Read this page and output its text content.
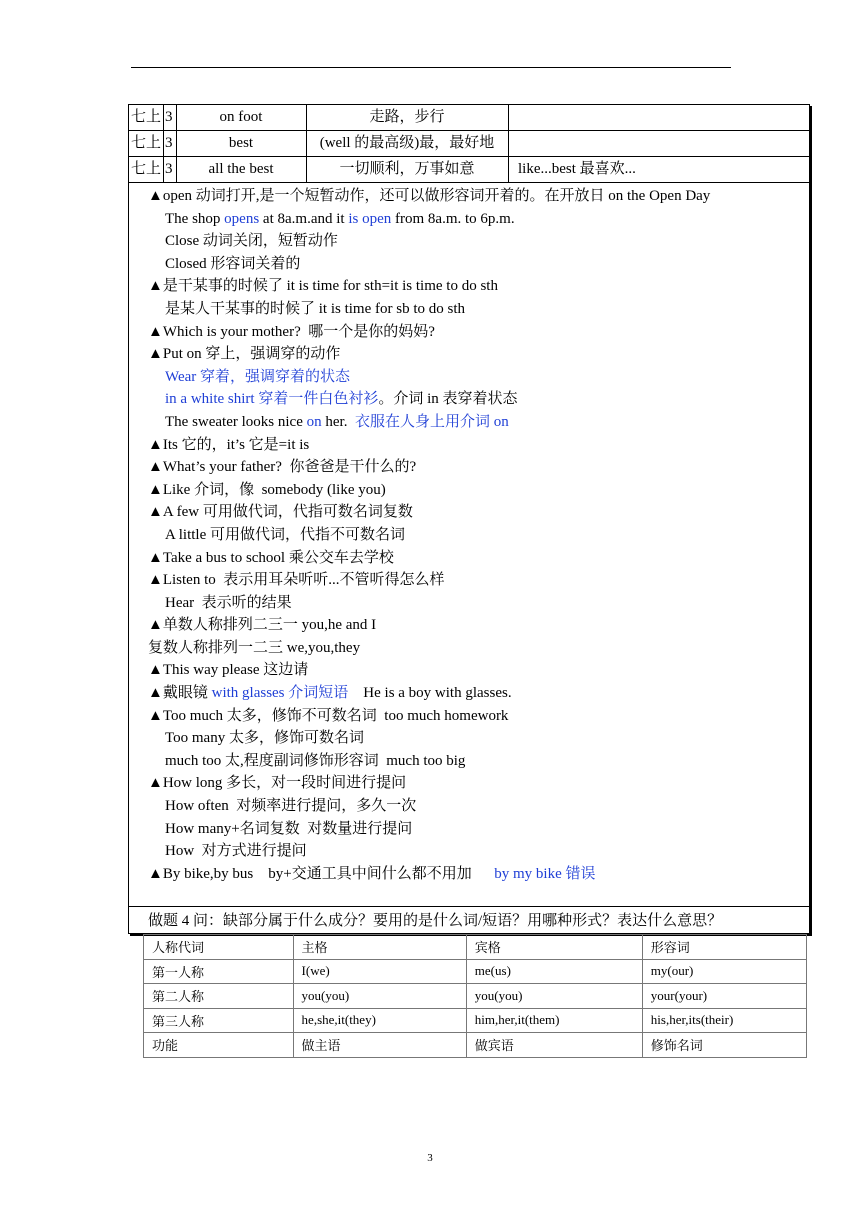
七上 3	on foot	走路，步行
七上 3	best	(well 的最高级)最，最好地
七上 3	all the best	一切顺利，万事如意	like...best 最喜欢...
▲open 动词打开,是一个短暂动作，还可以做形容词开着的。在开放日 on the Open Day
The shop opens at 8a.m.and it is open from 8a.m. to 6p.m.
Close 动词关闭，短暂动作
Closed 形容词关着的
▲是干某事的时候了 it is time for sth=it is time to do sth
是某人干某事的时候了 it is time for sb to do sth
▲Which is your mother?  哪一个是你的妈妈?
▲Put on 穿上，强调穿的动作
Wear 穿着，强调穿着的状态
in a white shirt 穿着一件白色衬衫。介词 in 表穿着状态
The sweater looks nice on her.  衣服在人身上用介词 on
▲Its 它的，it’s 它是=it is
▲What’s your father?  你爸爸是干什么的?
▲Like 介词，像  somebody (like you)
▲A few 可用做代词，代指可数名词复数
A little 可用做代词，代指不可数名词
▲Take a bus to school 乘公交车去学校
▲Listen to  表示用耳朵听听...不管听得怎么样
Hear  表示听的结果
▲单数人称排列二三一 you,he and I
复数人称排列一二三 we,you,they
▲This way please 这边请
▲戴眼镜 with glasses 介词短语    He is a boy with glasses.
▲Too much 太多，修饰不可数名词  too much homework
Too many 太多，修饰可数名词
much too 太,程度副词修饰形容词  much too big
▲How long 多长，对一段时间进行提问
How often  对频率进行提问，多久一次
How many+名词复数  对数量进行提问
How  对方式进行提问
▲By bike,by bus    by+交通工具中间什么都不用加      by my bike 错误
做题 4 问：缺部分属于什么成分？要用的是什么词/短语？用哪种形式？表达什么意思？
人称代词	主格	宾格	形容词
第一人称	I(we)	me(us)	my(our)
第二人称	you(you)	you(you)	your(your)
第三人称	he,she,it(they)	him,her,it(them)	his,her,its(their)
功能	做主语	做宾语	修饰名词
3
